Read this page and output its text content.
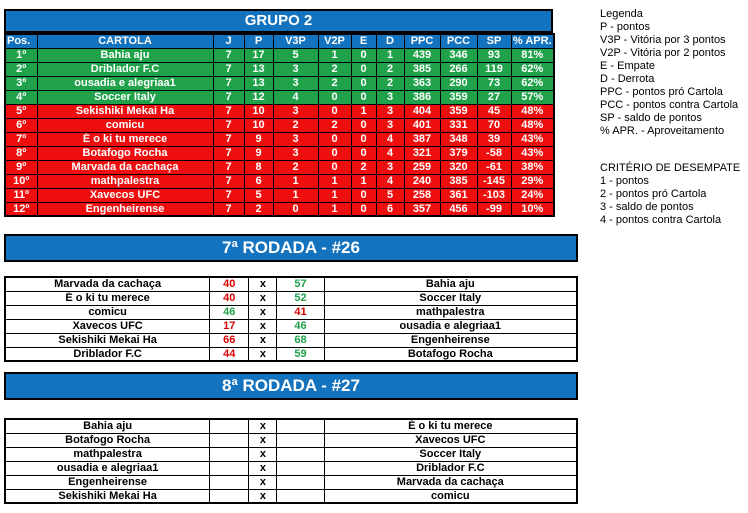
GRUPO 2
Pos.	CARTOLA	J	P	V3P	V2P	E	D	PPC	PCC	SP	% APR.
1º	Bahia aju	7	17	5	1	0	1	439	346	93	81%
2º	Driblador F.C	7	13	3	2	0	2	385	266	119	62%
3º	ousadia e alegriaa1	7	13	3	2	0	2	363	290	73	62%
4º	Soccer Italy	7	12	4	0	0	3	386	359	27	57%
5º	Sekishiki Mekai Ha	7	10	3	0	1	3	404	359	45	48%
6º	comicu	7	10	2	2	0	3	401	331	70	48%
7º	É o ki tu merece	7	9	3	0	0	4	387	348	39	43%
8º	Botafogo Rocha	7	9	3	0	0	4	321	379	-58	43%
9º	Marvada da cachaça	7	8	2	0	2	3	259	320	-61	38%
10º	mathpalestra	7	6	1	1	1	4	240	385	-145	29%
11º	Xavecos UFC	7	5	1	1	0	5	258	361	-103	24%
12º	Engenheirense	7	2	0	1	0	6	357	456	-99	10%
Legenda
P - pontos
V3P - Vitória por 3 pontos
V2P - Vitória por 2 pontos
E - Empate
D - Derrota
PPC - pontos pró Cartola
PCC - pontos contra Cartola
SP - saldo de pontos
% APR. - Aproveitamento
CRITÉRIO DE DESEMPATE
1 - pontos
2 - pontos pró Cartola
3 - saldo de pontos
4 - pontos contra Cartola
7ª RODADA - #26
Marvada da cachaça	40	x	57	Bahia aju
É o ki tu merece	40	x	52	Soccer Italy
comicu	46	x	41	mathpalestra
Xavecos UFC	17	x	46	ousadia e alegriaa1
Sekishiki Mekai Ha	66	x	68	Engenheirense
Driblador F.C	44	x	59	Botafogo Rocha
8ª RODADA - #27
Bahia aju		x		É o ki tu merece
Botafogo Rocha		x		Xavecos UFC
mathpalestra		x		Soccer Italy
ousadia e alegriaa1		x		Driblador F.C
Engenheirense		x		Marvada da cachaça
Sekishiki Mekai Ha		x		comicu
